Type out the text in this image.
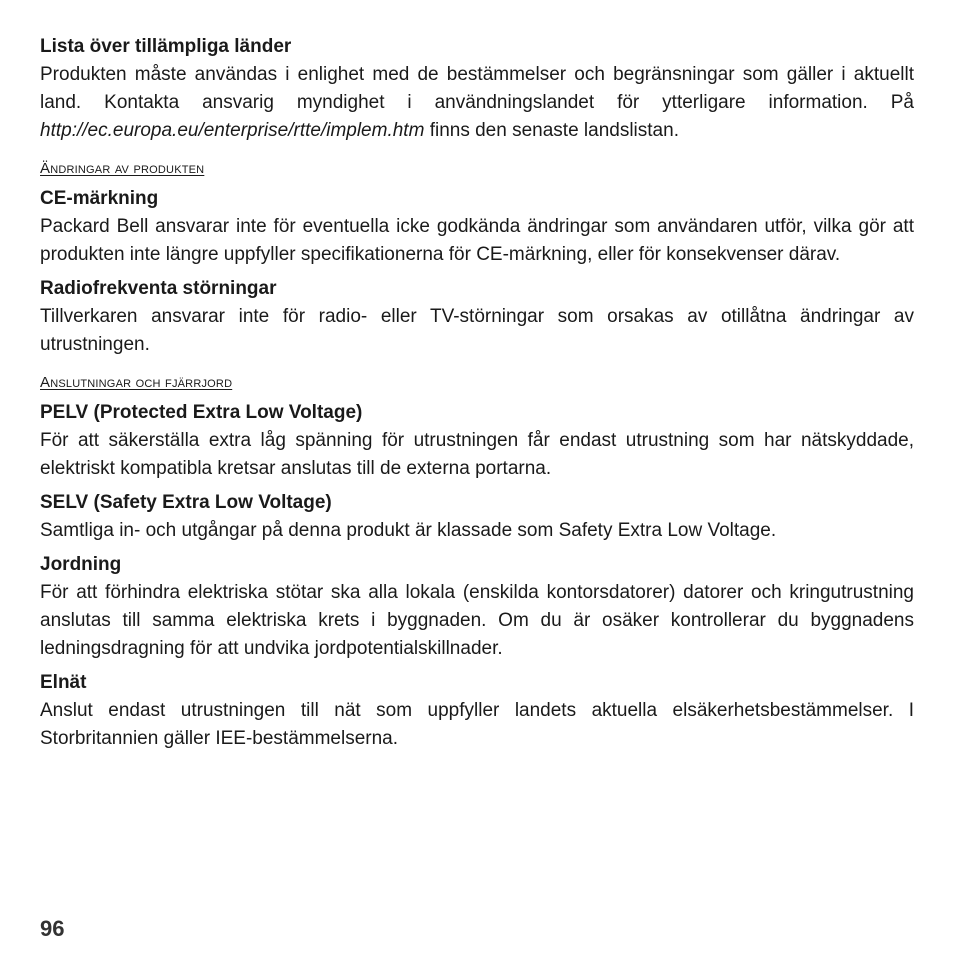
Lista över tillämpliga länder

Produkten måste användas i enlighet med de bestämmelser och begränsningar som gäller i aktuellt land. Kontakta ansvarig myndighet i användningslandet för ytterligare information. På http://ec.europa.eu/enterprise/rtte/implem.htm finns den senaste landslistan.

Ändringar av produkten

CE-märkning

Packard Bell ansvarar inte för eventuella icke godkända ändringar som användaren utför, vilka gör att produkten inte längre uppfyller specifikationerna för CE-märkning, eller för konsekvenser därav.

Radiofrekventa störningar

Tillverkaren ansvarar inte för radio- eller TV-störningar som orsakas av otillåtna ändringar av utrustningen.

Anslutningar och fjärrjord

PELV (Protected Extra Low Voltage)

För att säkerställa extra låg spänning för utrustningen får endast utrustning som har nätskyddade, elektriskt kompatibla kretsar anslutas till de externa portarna.

SELV (Safety Extra Low Voltage)

Samtliga in- och utgångar på denna produkt är klassade som Safety Extra Low Voltage.

Jordning

För att förhindra elektriska stötar ska alla lokala (enskilda kontorsdatorer) datorer och kringutrustning anslutas till samma elektriska krets i byggnaden. Om du är osäker kontrollerar du byggnadens ledningsdragning för att undvika jordpotentialskillnader.

Elnät

Anslut endast utrustningen till nät som uppfyller landets aktuella elsäkerhetsbestämmelser. I Storbritannien gäller IEE-bestämmelserna.

96
